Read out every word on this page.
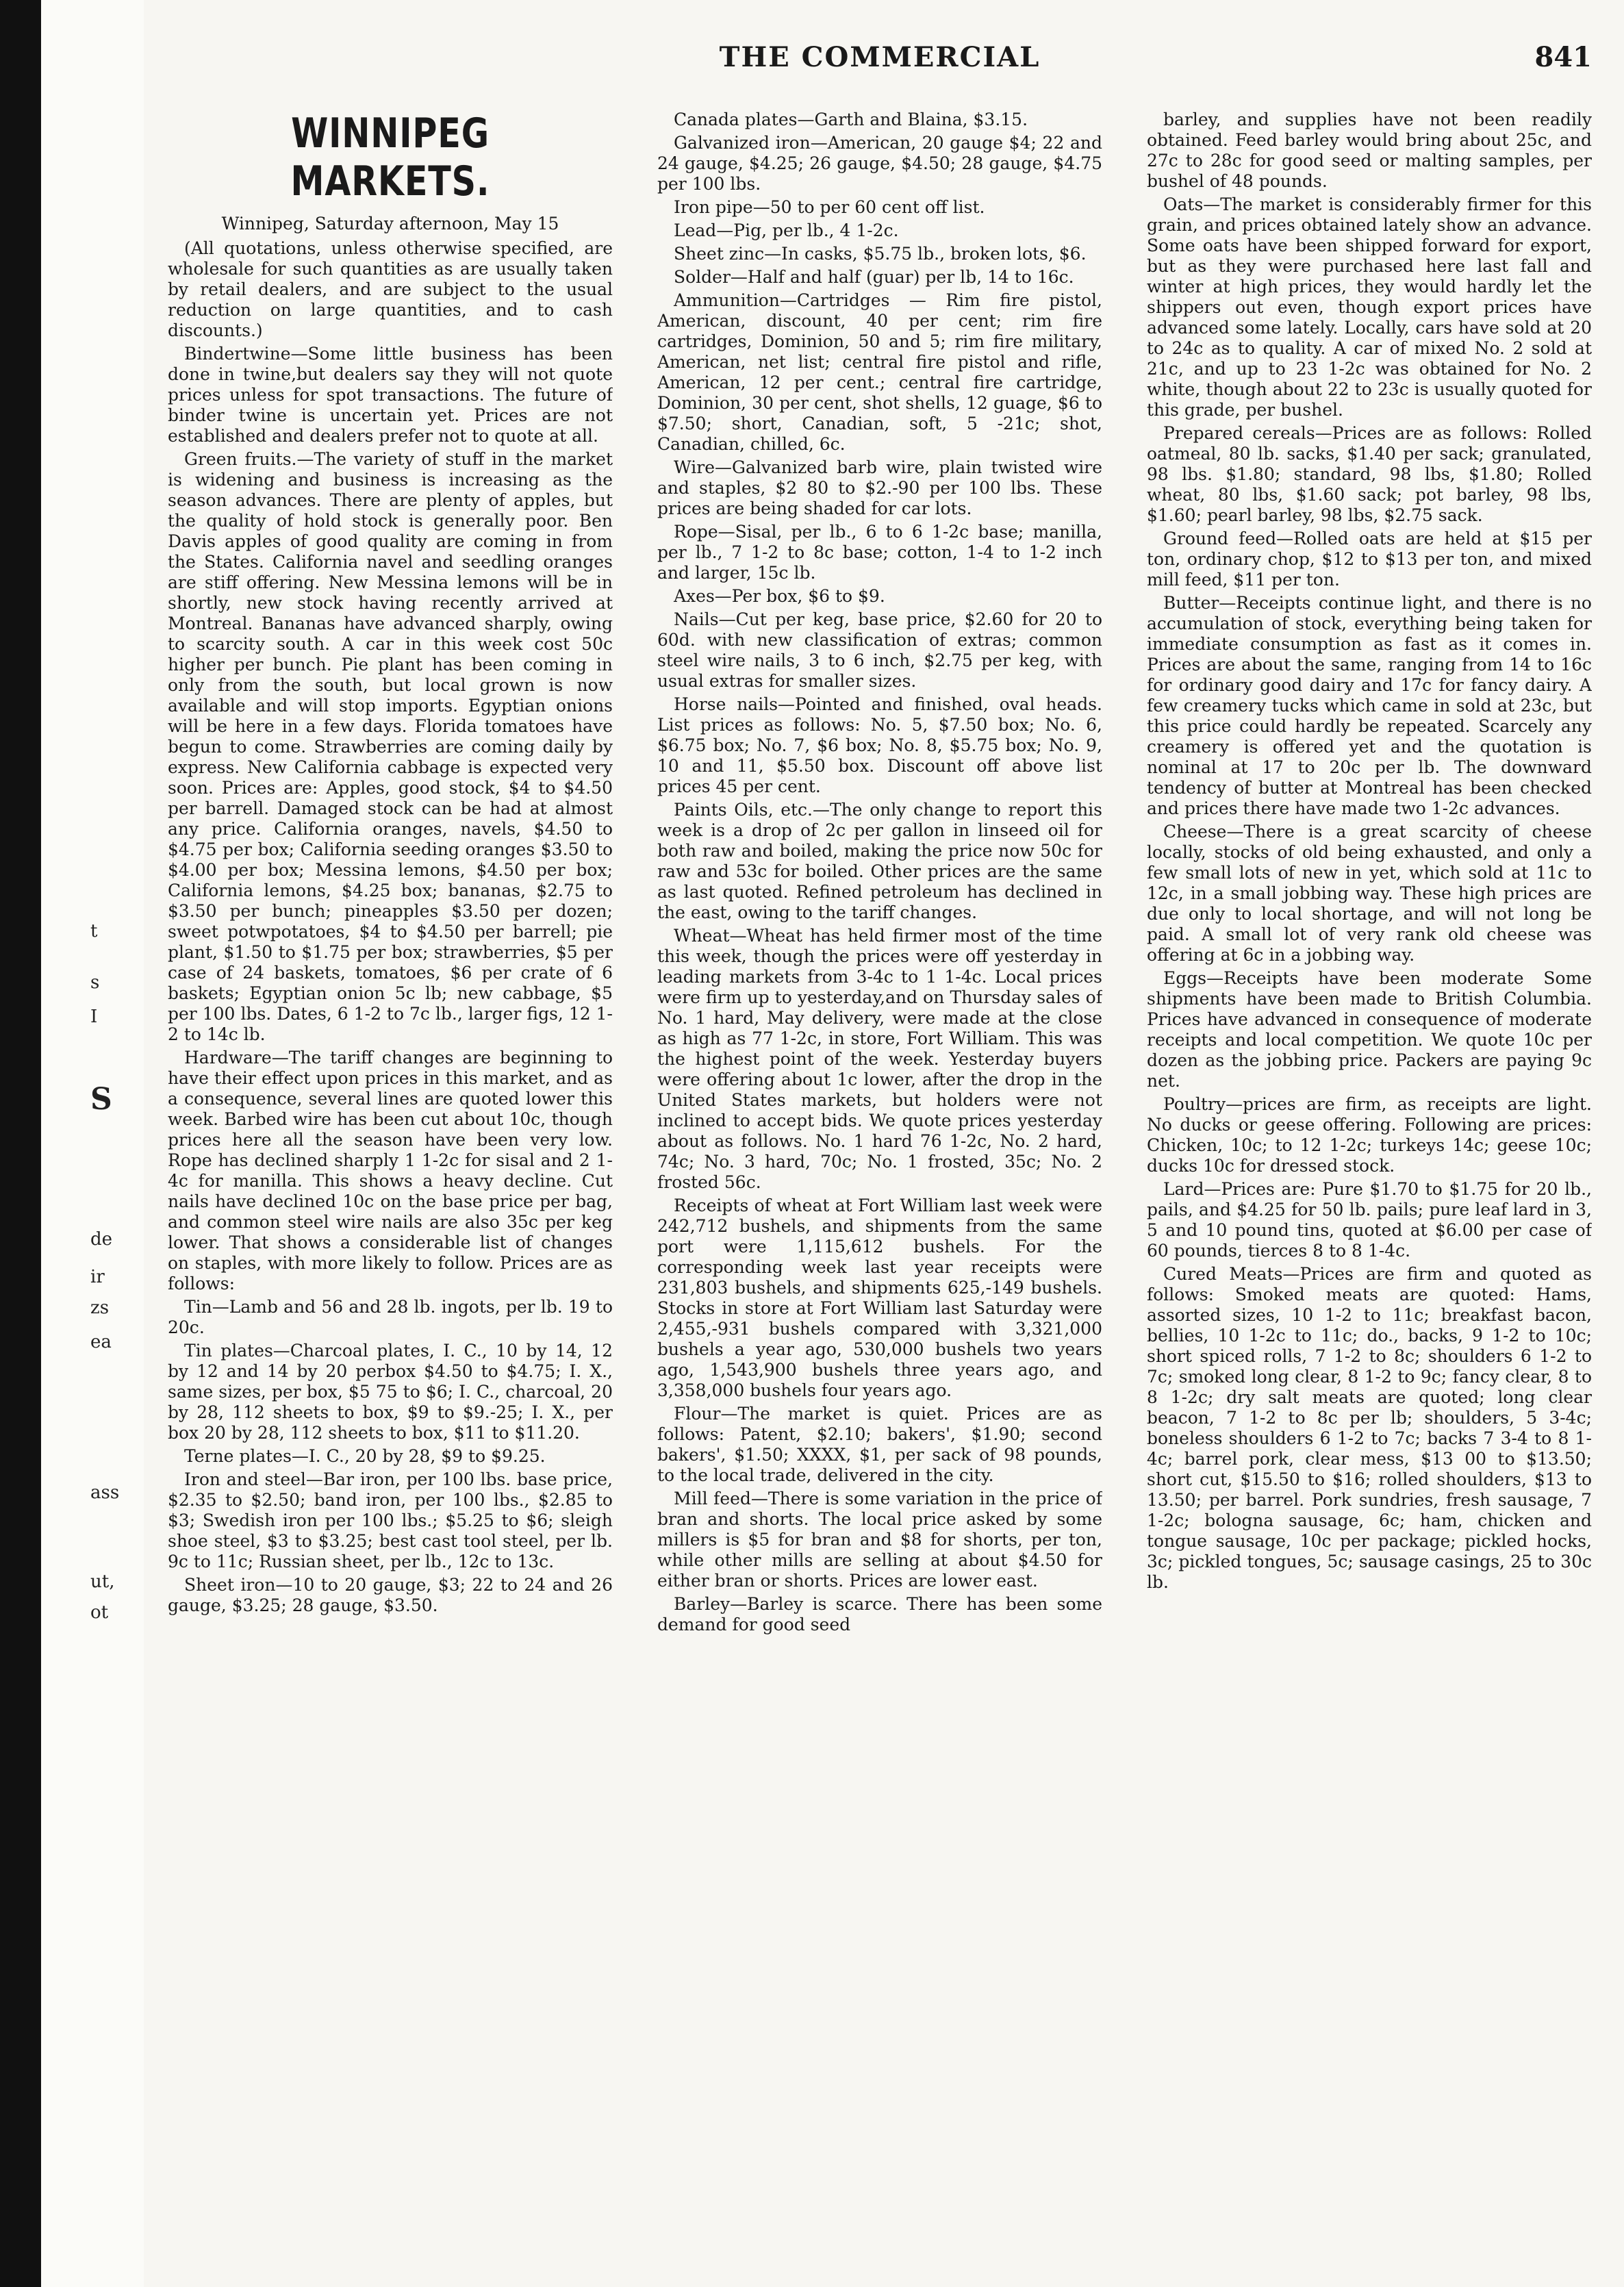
t
s
I
S
de
ir
zs
ea
ass
ut,
ot
THE COMMERCIAL	841
WINNIPEG MARKETS.
Winnipeg, Saturday afternoon, May 15

(All quotations, unless otherwise specified, are wholesale for such quantities as are usually taken by retail dealers, and are subject to the usual reduction on large quantities, and to cash discounts.)

Bindertwine—Some little business has been done in twine,but dealers say they will not quote prices unless for spot transactions. The future of binder twine is uncertain yet. Prices are not established and dealers prefer not to quote at all.

Green fruits.—The variety of stuff in the market is widening and business is increasing as the season advances. There are plenty of apples, but the quality of hold stock is generally poor. Ben Davis apples of good quality are coming in from the States. California navel and seedling oranges are stiff offering. New Messina lemons will be in shortly, new stock having recently arrived at Montreal. Bananas have advanced sharply, owing to scarcity south. A car in this week cost 50c higher per bunch. Pie plant has been coming in only from the south, but local grown is now available and will stop imports. Egyptian onions will be here in a few days. Florida tomatoes have begun to come. Strawberries are coming daily by express. New California cabbage is expected very soon. Prices are: Apples, good stock, $4 to $4.50 per barrell. Damaged stock can be had at almost any price. California oranges, navels, $4.50 to $4.75 per box; California seeding oranges $3.50 to $4.00 per box; Messina lemons, $4.50 per box; California lemons, $4.25 box; bananas, $2.75 to $3.50 per bunch; pineapples $3.50 per dozen; sweet potwpotatoes, $4 to $4.50 per barrell; pie plant, $1.50 to $1.75 per box; strawberries, $5 per case of 24 baskets, tomatoes, $6 per crate of 6 baskets; Egyptian onion 5c lb; new cabbage, $5 per 100 lbs. Dates, 6 1-2 to 7c lb., larger figs, 12 1-2 to 14c lb.

Hardware—The tariff changes are beginning to have their effect upon prices in this market, and as a consequence, several lines are quoted lower this week. Barbed wire has been cut about 10c, though prices here all the season have been very low. Rope has declined sharply 1 1-2c for sisal and 2 1-4c for manilla. This shows a heavy decline. Cut nails have declined 10c on the base price per bag, and common steel wire nails are also 35c per keg lower. That shows a considerable list of changes on staples, with more likely to follow. Prices are as follows:

Tin—Lamb and 56 and 28 lb. ingots, per lb. 19 to 20c.

Tin plates—Charcoal plates, I. C., 10 by 14, 12 by 12 and 14 by 20 perbox $4.50 to $4.75; I. X., same sizes, per box, $5 75 to $6; I. C., charcoal, 20 by 28, 112 sheets to box, $9 to $9.-25; I. X., per box 20 by 28, 112 sheets to box, $11 to $11.20.

Terne plates—I. C., 20 by 28, $9 to $9.25.

Iron and steel—Bar iron, per 100 lbs. base price, $2.35 to $2.50; band iron, per 100 lbs., $2.85 to $3; Swedish iron per 100 lbs.; $5.25 to $6; sleigh shoe steel, $3 to $3.25; best cast tool steel, per lb. 9c to 11c; Russian sheet, per lb., 12c to 13c.

Sheet iron—10 to 20 gauge, $3; 22 to 24 and 26 gauge, $3.25; 28 gauge, $3.50.

Canada plates—Garth and Blaina, $3.15.

Galvanized iron—American, 20 gauge $4; 22 and 24 gauge, $4.25; 26 gauge, $4.50; 28 gauge, $4.75 per 100 lbs.

Iron pipe—50 to per 60 cent off list.

Lead—Pig, per lb., 4 1-2c.

Sheet zinc—In casks, $5.75 lb., broken lots, $6.

Solder—Half and half (guar) per lb, 14 to 16c.

Ammunition—Cartridges — Rim fire pistol, American, discount, 40 per cent; rim fire cartridges, Dominion, 50 and 5; rim fire military, American, net list; central fire pistol and rifle, American, 12 per cent.; central fire cartridge, Dominion, 30 per cent, shot shells, 12 guage, $6 to $7.50; short, Canadian, soft, 5 -21c; shot, Canadian, chilled, 6c.

Wire—Galvanized barb wire, plain twisted wire and staples, $2 80 to $2.-90 per 100 lbs. These prices are being shaded for car lots.

Rope—Sisal, per lb., 6 to 6 1-2c base; manilla, per lb., 7 1-2 to 8c base; cotton, 1-4 to 1-2 inch and larger, 15c lb.

Axes—Per box, $6 to $9.

Nails—Cut per keg, base price, $2.60 for 20 to 60d. with new classification of extras; common steel wire nails, 3 to 6 inch, $2.75 per keg, with usual extras for smaller sizes.

Horse nails—Pointed and finished, oval heads. List prices as follows: No. 5, $7.50 box; No. 6, $6.75 box; No. 7, $6 box; No. 8, $5.75 box; No. 9, 10 and 11, $5.50 box. Discount off above list prices 45 per cent.

Paints Oils, etc.—The only change to report this week is a drop of 2c per gallon in linseed oil for both raw and boiled, making the price now 50c for raw and 53c for boiled. Other prices are the same as last quoted. Refined petroleum has declined in the east, owing to the tariff changes.

Wheat—Wheat has held firmer most of the time this week, though the prices were off yesterday in leading markets from 3-4c to 1 1-4c. Local prices were firm up to yesterday,and on Thursday sales of No. 1 hard, May delivery, were made at the close as high as 77 1-2c, in store, Fort William. This was the highest point of the week. Yesterday buyers were offering about 1c lower, after the drop in the United States markets, but holders were not inclined to accept bids. We quote prices yesterday about as follows. No. 1 hard 76 1-2c, No. 2 hard, 74c; No. 3 hard, 70c; No. 1 frosted, 35c; No. 2 frosted 56c.

Receipts of wheat at Fort William last week were 242,712 bushels, and shipments from the same port were 1,115,612 bushels. For the corresponding week last year receipts were 231,803 bushels, and shipments 625,-149 bushels. Stocks in store at Fort William last Saturday were 2,455,-931 bushels compared with 3,321,000 bushels a year ago, 530,000 bushels two years ago, 1,543,900 bushels three years ago, and 3,358,000 bushels four years ago.

Flour—The market is quiet. Prices are as follows: Patent, $2.10; bakers', $1.90; second bakers', $1.50; XXXX, $1, per sack of 98 pounds, to the local trade, delivered in the city.

Mill feed—There is some variation in the price of bran and shorts. The local price asked by some millers is $5 for bran and $8 for shorts, per ton, while other mills are selling at about $4.50 for either bran or shorts. Prices are lower east.

Barley—Barley is scarce. There has been some demand for good seed

barley, and supplies have not been readily obtained. Feed barley would bring about 25c, and 27c to 28c for good seed or malting samples, per bushel of 48 pounds.

Oats—The market is considerably firmer for this grain, and prices obtained lately show an advance. Some oats have been shipped forward for export, but as they were purchased here last fall and winter at high prices, they would hardly let the shippers out even, though export prices have advanced some lately. Locally, cars have sold at 20 to 24c as to quality. A car of mixed No. 2 sold at 21c, and up to 23 1-2c was obtained for No. 2 white, though about 22 to 23c is usually quoted for this grade, per bushel.

Prepared cereals—Prices are as follows: Rolled oatmeal, 80 lb. sacks, $1.40 per sack; granulated, 98 lbs. $1.80; standard, 98 lbs, $1.80; Rolled wheat, 80 lbs, $1.60 sack; pot barley, 98 lbs, $1.60; pearl barley, 98 lbs, $2.75 sack.

Ground feed—Rolled oats are held at $15 per ton, ordinary chop, $12 to $13 per ton, and mixed mill feed, $11 per ton.

Butter—Receipts continue light, and there is no accumulation of stock, everything being taken for immediate consumption as fast as it comes in. Prices are about the same, ranging from 14 to 16c for ordinary good dairy and 17c for fancy dairy. A few creamery tucks which came in sold at 23c, but this price could hardly be repeated. Scarcely any creamery is offered yet and the quotation is nominal at 17 to 20c per lb. The downward tendency of butter at Montreal has been checked and prices there have made two 1-2c advances.

Cheese—There is a great scarcity of cheese locally, stocks of old being exhausted, and only a few small lots of new in yet, which sold at 11c to 12c, in a small jobbing way. These high prices are due only to local shortage, and will not long be paid. A small lot of very rank old cheese was offering at 6c in a jobbing way.

Eggs—Receipts have been moderate Some shipments have been made to British Columbia. Prices have advanced in consequence of moderate receipts and local competition. We quote 10c per dozen as the jobbing price. Packers are paying 9c net.

Poultry—prices are firm, as receipts are light. No ducks or geese offering. Following are prices: Chicken, 10c; to 12 1-2c; turkeys 14c; geese 10c; ducks 10c for dressed stock.

Lard—Prices are: Pure $1.70 to $1.75 for 20 lb., pails, and $4.25 for 50 lb. pails; pure leaf lard in 3, 5 and 10 pound tins, quoted at $6.00 per case of 60 pounds, tierces 8 to 8 1-4c.

Cured Meats—Prices are firm and quoted as follows: Smoked meats are quoted: Hams, assorted sizes, 10 1-2 to 11c; breakfast bacon, bellies, 10 1-2c to 11c; do., backs, 9 1-2 to 10c; short spiced rolls, 7 1-2 to 8c; shoulders 6 1-2 to 7c; smoked long clear, 8 1-2 to 9c; fancy clear, 8 to 8 1-2c; dry salt meats are quoted; long clear beacon, 7 1-2 to 8c per lb; shoulders, 5 3-4c; boneless shoulders 6 1-2 to 7c; backs 7 3-4 to 8 1-4c; barrel pork, clear mess, $13 00 to $13.50; short cut, $15.50 to $16; rolled shoulders, $13 to 13.50; per barrel. Pork sundries, fresh sausage, 7 1-2c; bologna sausage, 6c; ham, chicken and tongue sausage, 10c per package; pickled hocks, 3c; pickled tongues, 5c; sausage casings, 25 to 30c lb.
